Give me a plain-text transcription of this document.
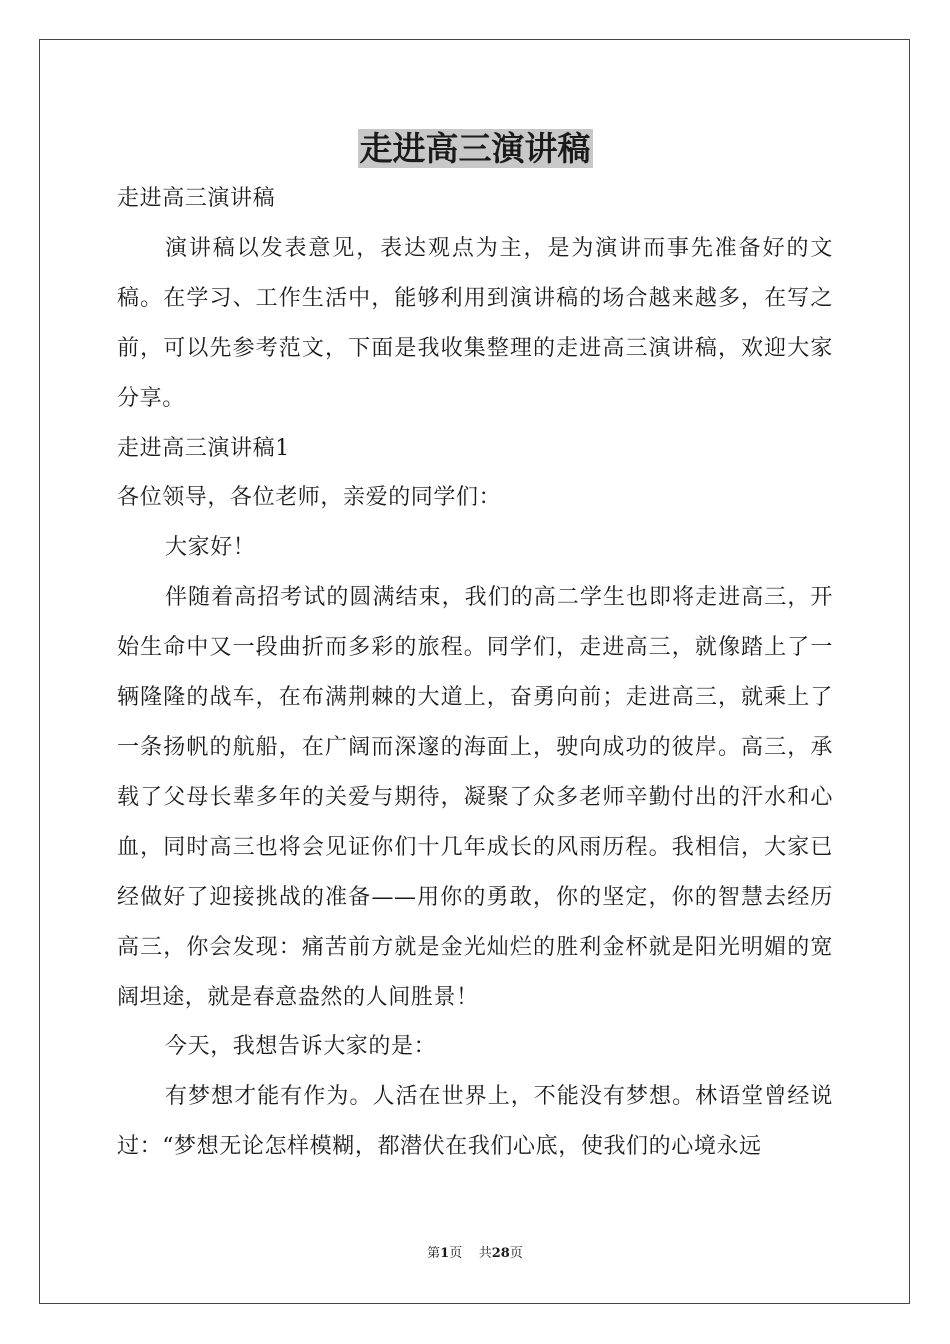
走进高三演讲稿

走进高三演讲稿

演讲稿以发表意见，表达观点为主，是为演讲而事先准备好的文稿。在学习、工作生活中，能够利用到演讲稿的场合越来越多，在写之前，可以先参考范文，下面是我收集整理的走进高三演讲稿，欢迎大家分享。

走进高三演讲稿1

各位领导，各位老师，亲爱的同学们：

大家好！

伴随着高招考试的圆满结束，我们的高二学生也即将走进高三，开始生命中又一段曲折而多彩的旅程。同学们，走进高三，就像踏上了一辆隆隆的战车，在布满荆棘的大道上，奋勇向前；走进高三，就乘上了一条扬帆的航船，在广阔而深邃的海面上，驶向成功的彼岸。高三，承载了父母长辈多年的关爱与期待，凝聚了众多老师辛勤付出的汗水和心血，同时高三也将会见证你们十几年成长的风雨历程。我相信，大家已经做好了迎接挑战的准备——用你的勇敢，你的坚定，你的智慧去经历高三，你会发现：痛苦前方就是金光灿烂的胜利金杯就是阳光明媚的宽阔坦途，就是春意盎然的人间胜景！

今天，我想告诉大家的是：

有梦想才能有作为。人活在世界上，不能没有梦想。林语堂曾经说过：“梦想无论怎样模糊，都潜伏在我们心底，使我们的心境永远

第1页 共28页
